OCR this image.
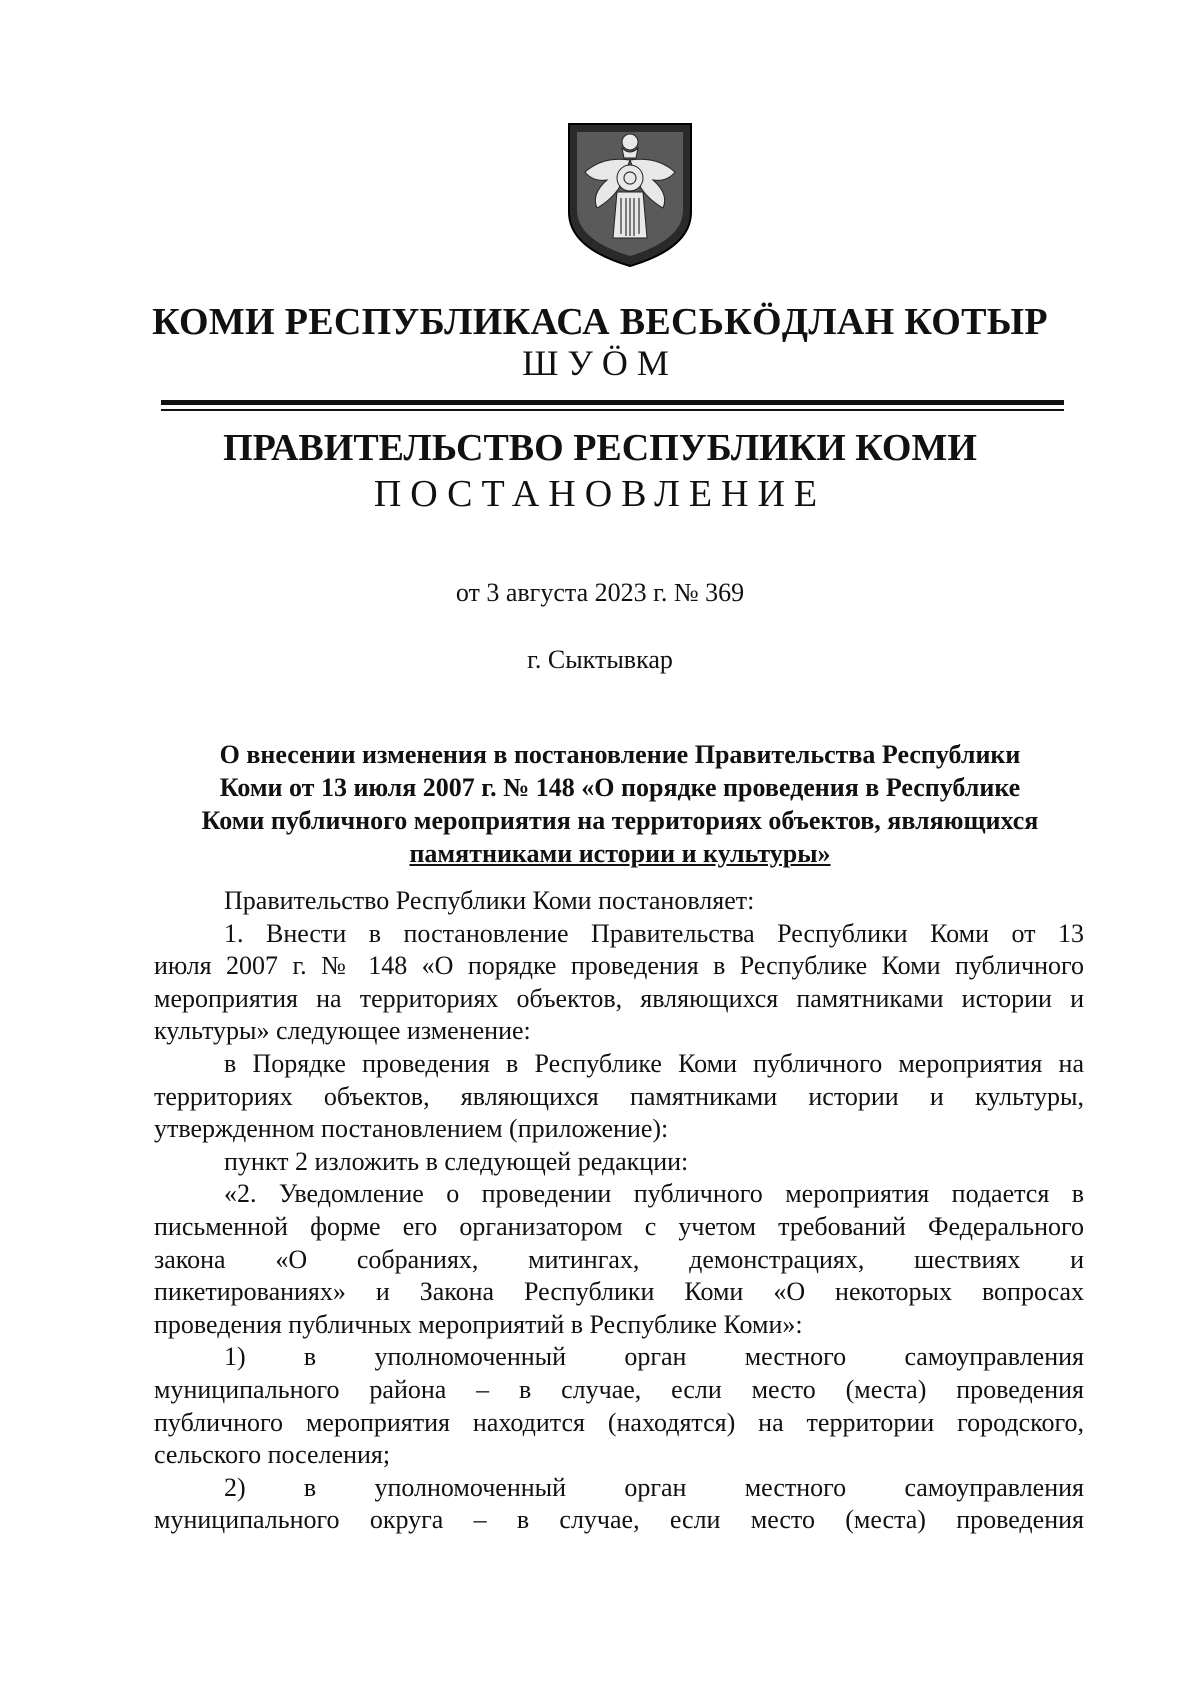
КОМИ РЕСПУБЛИКАСА ВЕСЬКӦДЛАН КОТЫР
ШУӦМ
ПРАВИТЕЛЬСТВО РЕСПУБЛИКИ КОМИ
ПОСТАНОВЛЕНИЕ
от 3 августа 2023 г. № 369
г. Сыктывкар
О внесении изменения в постановление Правительства Республики
Коми от 13 июля 2007 г. № 148 «О порядке проведения в Республике
Коми публичного мероприятия на территориях объектов, являющихся
памятниками истории и культуры»

Правительство Республики Коми постановляет:

1. Внести в постановление Правительства Республики Коми от 13
июля 2007 г. № 148 «О порядке проведения в Республике Коми публичного
мероприятия на территориях объектов, являющихся памятниками истории и
культуры» следующее изменение:
в Порядке проведения в Республике Коми публичного мероприятия на
территориях объектов, являющихся памятниками истории и культуры,
утвержденном постановлением (приложение):

пункт 2 изложить в следующей редакции:

«2. Уведомление о проведении публичного мероприятия подается в
письменной форме его организатором с учетом требований Федерального
закона «О собраниях, митингах, демонстрациях, шествиях и
пикетированиях» и Закона Республики Коми «О некоторых вопросах
проведения публичных мероприятий в Республике Коми»:
1) в уполномоченный орган местного самоуправления
муниципального района – в случае, если место (места) проведения
публичного мероприятия находится (находятся) на территории городского,
сельского поселения;
2) в уполномоченный орган местного самоуправления
муниципального округа – в случае, если место (места) проведения
